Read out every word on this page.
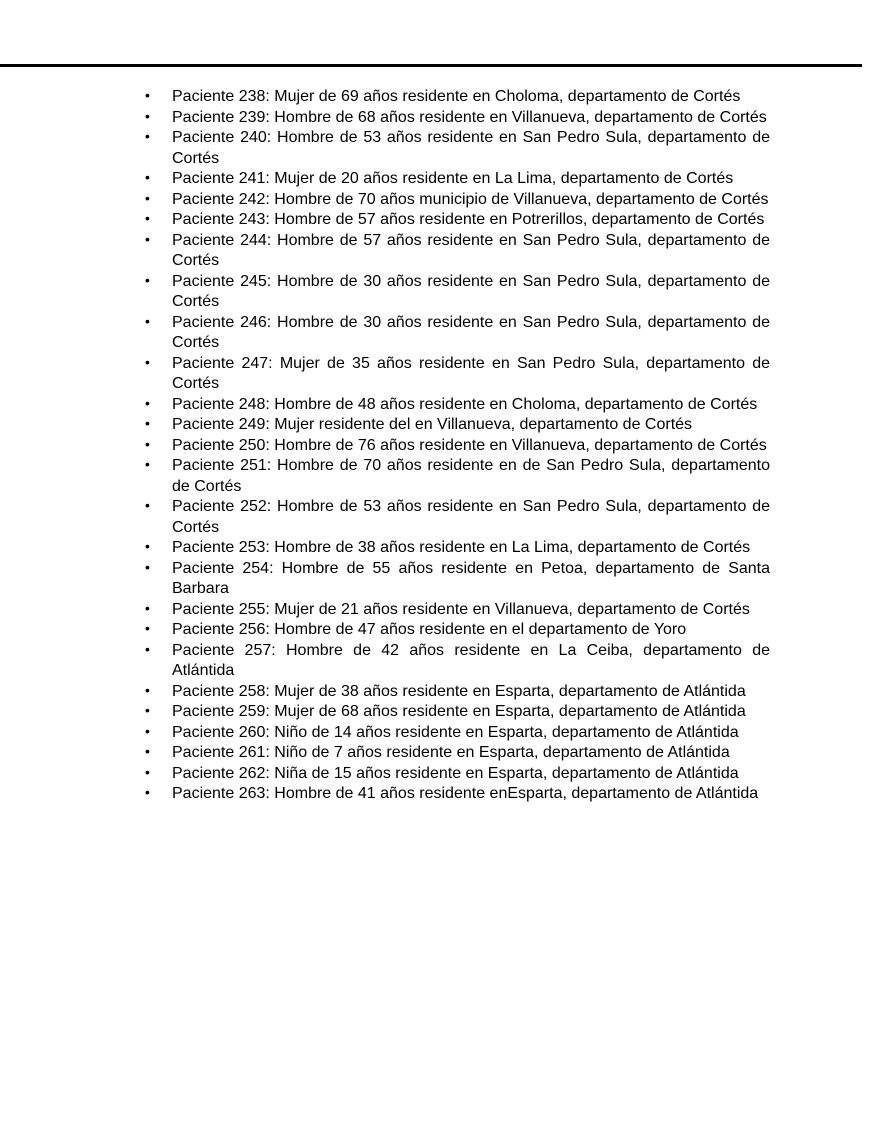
• Paciente 238: Mujer de 69 años residente en Choloma, departamento de Cortés
• Paciente 239: Hombre de 68 años residente en Villanueva, departamento de Cortés
• Paciente 240: Hombre de 53 años residente en San Pedro Sula, departamento de Cortés
• Paciente 241: Mujer de 20 años residente en La Lima, departamento de Cortés
• Paciente 242: Hombre de 70 años municipio de Villanueva, departamento de Cortés
• Paciente 243: Hombre de 57 años residente en Potrerillos, departamento de Cortés
• Paciente 244: Hombre de 57 años residente en San Pedro Sula, departamento de Cortés
• Paciente 245: Hombre de 30 años residente en San Pedro Sula, departamento de Cortés
• Paciente 246: Hombre de 30 años residente en San Pedro Sula, departamento de Cortés
• Paciente 247: Mujer de 35 años residente en San Pedro Sula, departamento de Cortés
• Paciente 248: Hombre de 48 años residente en Choloma, departamento de Cortés
• Paciente 249: Mujer residente del en Villanueva, departamento de Cortés
• Paciente 250: Hombre de 76 años residente en Villanueva, departamento de Cortés
• Paciente 251: Hombre de 70 años residente en de San Pedro Sula, departamento de Cortés
• Paciente 252: Hombre de 53 años residente en San Pedro Sula, departamento de Cortés
• Paciente 253: Hombre de 38 años residente en La Lima, departamento de Cortés
• Paciente 254: Hombre de 55 años residente en Petoa, departamento de Santa Barbara
• Paciente 255: Mujer de 21 años residente en Villanueva, departamento de Cortés
• Paciente 256: Hombre de 47 años residente en el departamento de Yoro
• Paciente 257: Hombre de 42 años residente en La Ceiba, departamento de Atlántida
• Paciente 258: Mujer de 38 años residente en Esparta, departamento de Atlántida
• Paciente 259: Mujer de 68 años residente en Esparta, departamento de Atlántida
• Paciente 260: Niño de 14 años residente en Esparta, departamento de Atlántida
• Paciente 261: Niño de 7 años residente en Esparta, departamento de Atlántida
• Paciente 262: Niña de 15 años residente en Esparta, departamento de Atlántida
• Paciente 263: Hombre de 41 años residente enEsparta, departamento de Atlántida
